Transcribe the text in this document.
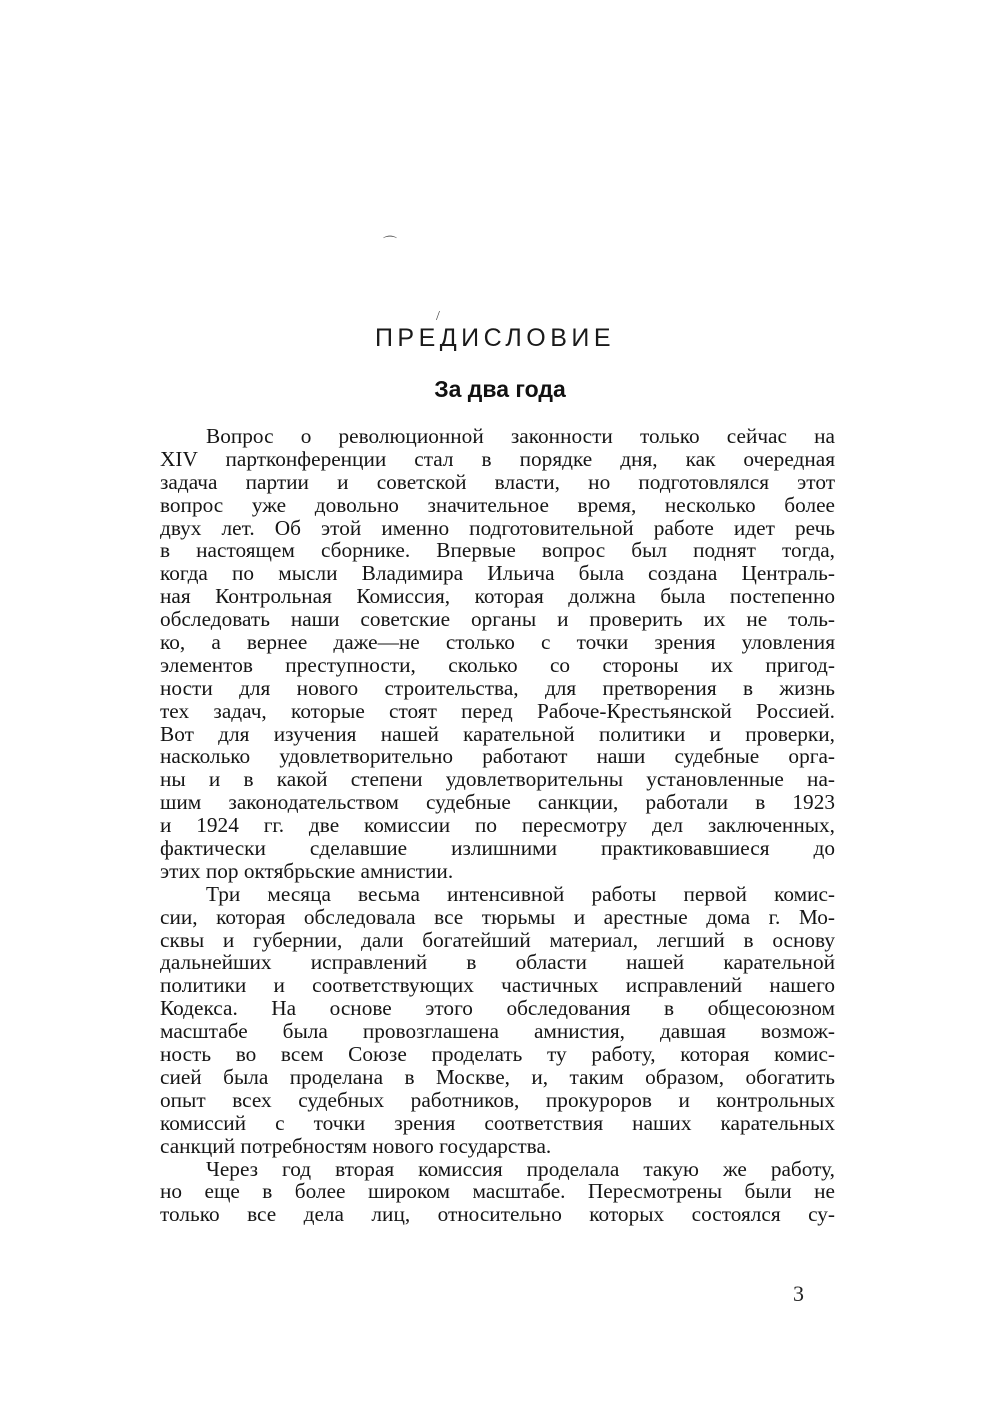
⌒
/
ПРЕДИСЛОВИЕ
За два года
Вопрос о революционной законности только сейчас на
XIV партконференции стал в порядке дня, как очередная
задача партии и советской власти, но подготовлялся этот
вопрос уже довольно значительное время, несколько более
двух лет. Об этой именно подготовительной работе идет речь
в настоящем сборнике. Впервые вопрос был поднят тогда,
когда по мысли Владимира Ильича была создана Централь-
ная Контрольная Комиссия, которая должна была постепенно
обследовать наши советские органы и проверить их не толь-
ко, а вернее даже—не столько с точки зрения уловления
элементов преступности, сколько со стороны их пригод-
ности для нового строительства, для претворения в жизнь
тех задач, которые стоят перед Рабоче-Крестьянской Россией.
Вот для изучения нашей карательной политики и проверки,
насколько удовлетворительно работают наши судебные орга-
ны и в какой степени удовлетворительны установленные на-
шим законодательством судебные санкции, работали в 1923
и 1924 гг. две комиссии по пересмотру дел заключенных,
фактически сделавшие излишними практиковавшиеся до
этих пор октябрьские амнистии.
Три месяца весьма интенсивной работы первой комис-
сии, которая обследовала все тюрьмы и арестные дома г. Мо-
сквы и губернии, дали богатейший материал, легший в основу
дальнейших исправлений в области нашей карательной
политики и соответствующих частичных исправлений нашего
Кодекса. На основе этого обследования в общесоюзном
масштабе была провозглашена амнистия, давшая возмож-
ность во всем Союзе проделать ту работу, которая комис-
сией была проделана в Москве, и, таким образом, обогатить
опыт всех судебных работников, прокуроров и контрольных
комиссий с точки зрения соответствия наших карательных
санкций потребностям нового государства.
Через год вторая комиссия проделала такую же работу,
но еще в более широком масштабе. Пересмотрены были не
только все дела лиц, относительно которых состоялся су-
3
